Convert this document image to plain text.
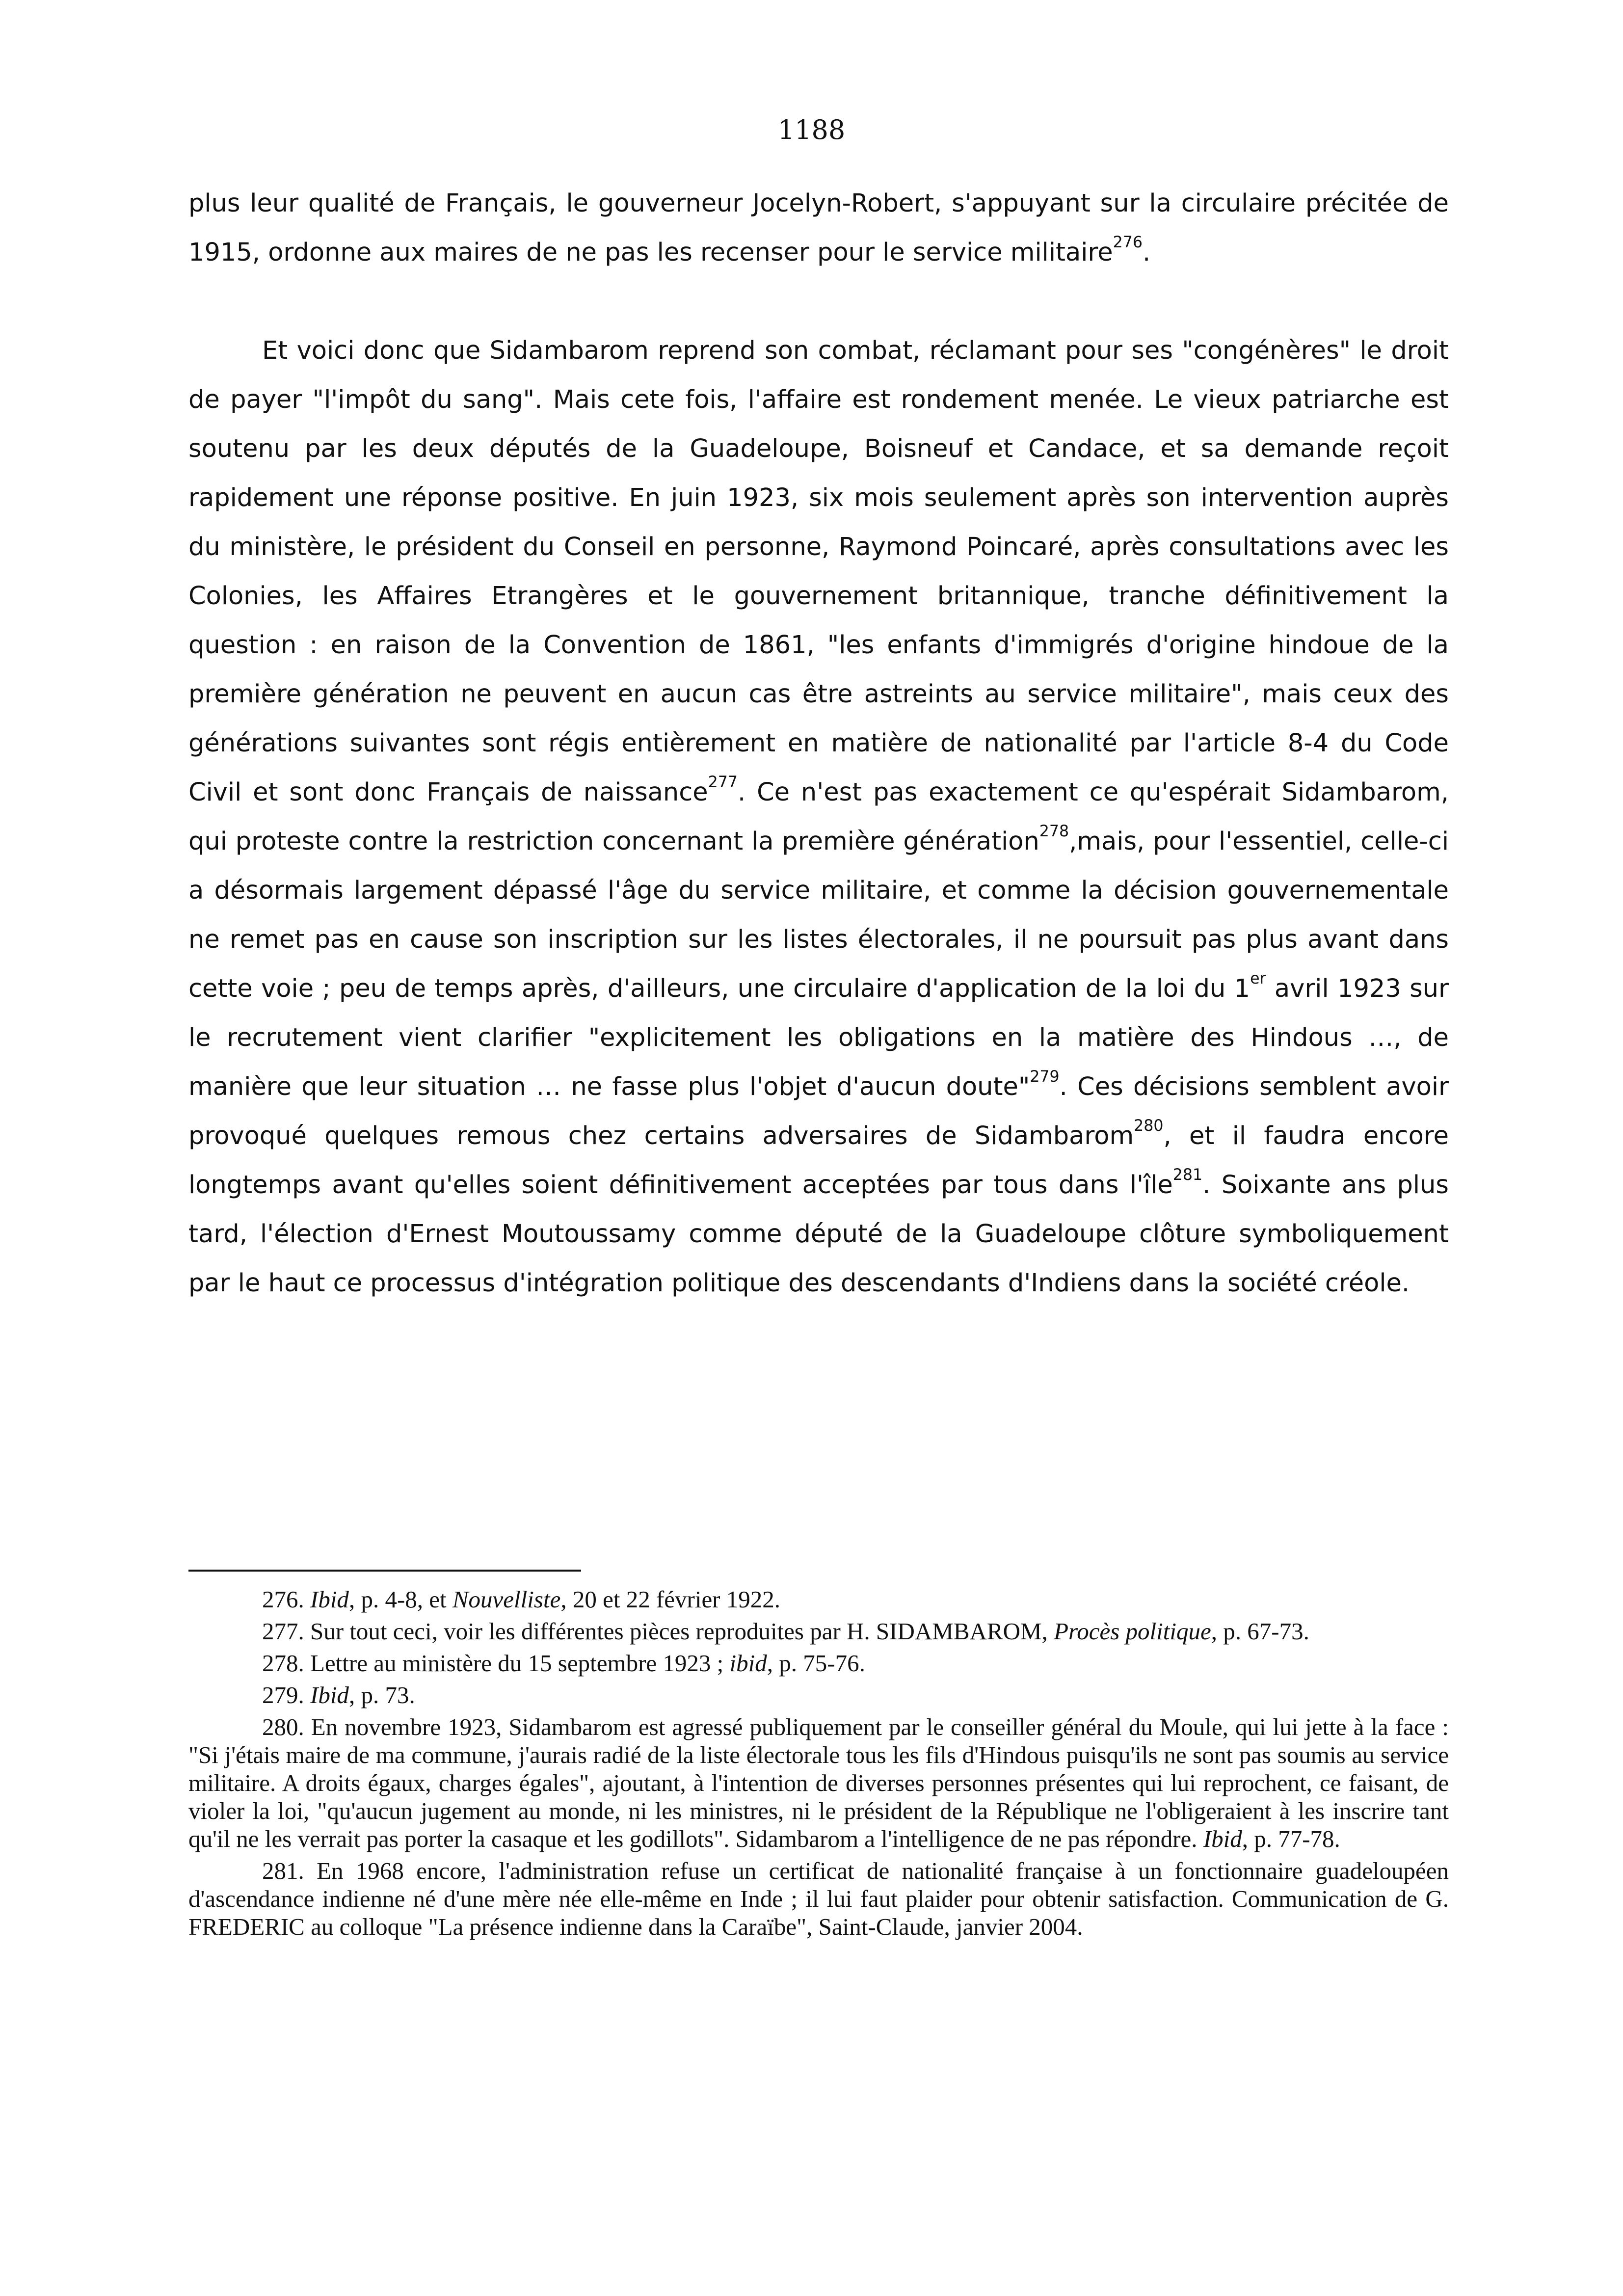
1188

plus leur qualité de Français, le gouverneur Jocelyn-Robert, s'appuyant sur la circulaire précitée de 1915, ordonne aux maires de ne pas les recenser pour le service militaire$^{276}$.

Et voici donc que Sidambarom reprend son combat, réclamant pour ses "congénères" le droit de payer "l'impôt du sang". Mais cete fois, l'affaire est rondement menée. Le vieux patriarche est soutenu par les deux députés de la Guadeloupe, Boisneuf et Candace, et sa demande reçoit rapidement une réponse positive. En juin 1923, six mois seulement après son intervention auprès du ministère, le président du Conseil en personne, Raymond Poincaré, après consultations avec les Colonies, les Affaires Etrangères et le gouvernement britannique, tranche définitivement la question : en raison de la Convention de 1861, "les enfants d'immigrés d'origine hindoue de la première génération ne peuvent en aucun cas être astreints au service militaire", mais ceux des générations suivantes sont régis entièrement en matière de nationalité par l'article 8-4 du Code Civil et sont donc Français de naissance$^{277}$. Ce n'est pas exactement ce qu'espérait Sidambarom, qui proteste contre la restriction concernant la première génération$^{278}$,mais, pour l'essentiel, celle-ci a désormais largement dépassé l'âge du service militaire, et comme la décision gouvernementale ne remet pas en cause son inscription sur les listes électorales, il ne poursuit pas plus avant dans cette voie ; peu de temps après, d'ailleurs, une circulaire d'application de la loi du 1er avril 1923 sur le recrutement vient clarifier "explicitement les obligations en la matière des Hindous …, de manière que leur situation … ne fasse plus l'objet d'aucun doute"$^{279}$. Ces décisions semblent avoir provoqué quelques remous chez certains adversaires de Sidambarom$^{280}$, et il faudra encore longtemps avant qu'elles soient définitivement acceptées par tous dans l'île$^{281}$. Soixante ans plus tard, l'élection d'Ernest Moutoussamy comme député de la Guadeloupe clôture symboliquement par le haut ce processus d'intégration politique des descendants d'Indiens dans la société créole.

276. Ibid, p. 4-8, et Nouvelliste, 20 et 22 février 1922.

277. Sur tout ceci, voir les différentes pièces reproduites par H. SIDAMBAROM, Procès politique, p. 67-73.

278. Lettre au ministère du 15 septembre 1923 ; ibid, p. 75-76.

279. Ibid, p. 73.

280. En novembre 1923, Sidambarom est agressé publiquement par le conseiller général du Moule, qui lui jette à la face : "Si j'étais maire de ma commune, j'aurais radié de la liste électorale tous les fils d'Hindous puisqu'ils ne sont pas soumis au service militaire. A droits égaux, charges égales", ajoutant, à l'intention de diverses personnes présentes qui lui reprochent, ce faisant, de violer la loi, "qu'aucun jugement au monde, ni les ministres, ni le président de la République ne l'obligeraient à les inscrire tant qu'il ne les verrait pas porter la casaque et les godillots". Sidambarom a l'intelligence de ne pas répondre. Ibid, p. 77-78.

281. En 1968 encore, l'administration refuse un certificat de nationalité française à un fonctionnaire guadeloupéen d'ascendance indienne né d'une mère née elle-même en Inde ; il lui faut plaider pour obtenir satisfaction. Communication de G. FREDERIC au colloque "La présence indienne dans la Caraïbe", Saint-Claude, janvier 2004.
